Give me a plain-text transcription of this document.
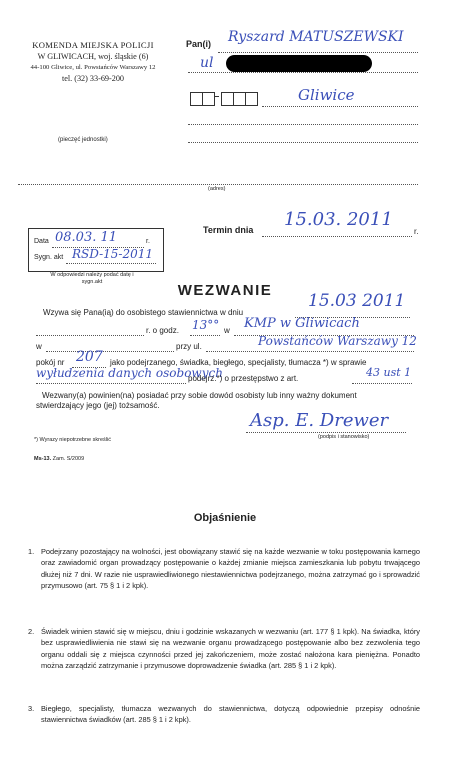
KOMENDA MIEJSKA POLICJI
W GLIWICACH, woj. śląskie (6)
44-100 Gliwice, ul. Powstańców Warszawy 12
tel. (32) 33-69-200
(pieczęć jednostki)
Pan(i) Ryszard MATUSZEWSKI
ul
Gliwice
(adres)
Termin dnia 15.03. 2011
r.
Data 08.03. 11	r.
Sygn. akt RSD-15-2011
W odpowiedzi należy podać datę i sygn.akt	WEZWANIE
Wzywa się Pana(ią) do osobistego stawiennictwa w dniu
15.03 2011
r. o godz. 13°° w KMP w Gliwicach
w	przy ul.	Powstańców Warszawy 12
pokój nr 207 jako podejrzanego, świadka, biegłego, specjalisty, tłumacza *) w sprawie
wyłudzenia danych osobowych
podejrz.*) o przestępstwo z art.	43 ust 1
Wezwany(a) powinien(na) posiadać przy sobie dowód osobisty lub inny ważny dokument stwierdzający jego (jej) tożsamość.
Asp. E. Drewer
(podpis i stanowisko)
*) Wyrazy niepotrzebne skreślić
Ms-13. Zam. S/2009
Objaśnienie
1. Podejrzany pozostający na wolności, jest obowiązany stawić się na każde wezwanie w toku postępowania karnego oraz zawiadomić organ prowadzący postępowanie o każdej zmianie miejsca zamieszkania lub pobytu trwającego dłużej niż 7 dni. W razie nie usprawiedliwionego niestawiennictwa podejrzanego, można zatrzymać go i sprowadzić przymusowo (art. 75 § 1 i 2 kpk).
2. Świadek winien stawić się w miejscu, dniu i godzinie wskazanych w wezwaniu (art. 177 § 1 kpk). Na świadka, który bez usprawiedliwienia nie stawi się na wezwanie organu prowadzącego postępowanie albo bez zezwolenia tego organu oddali się z miejsca czynności przed jej zakończeniem, może zostać nałożona kara pieniężna. Ponadto można zarządzić zatrzymanie i przymusowe doprowadzenie świadka (art. 285 § 1 i 2 kpk).
3. Biegłego, specjalisty, tłumacza wezwanych do stawiennictwa, dotyczą odpowiednie przepisy odnośnie stawiennictwa świadków (art. 285 § 1 i 2 kpk).
